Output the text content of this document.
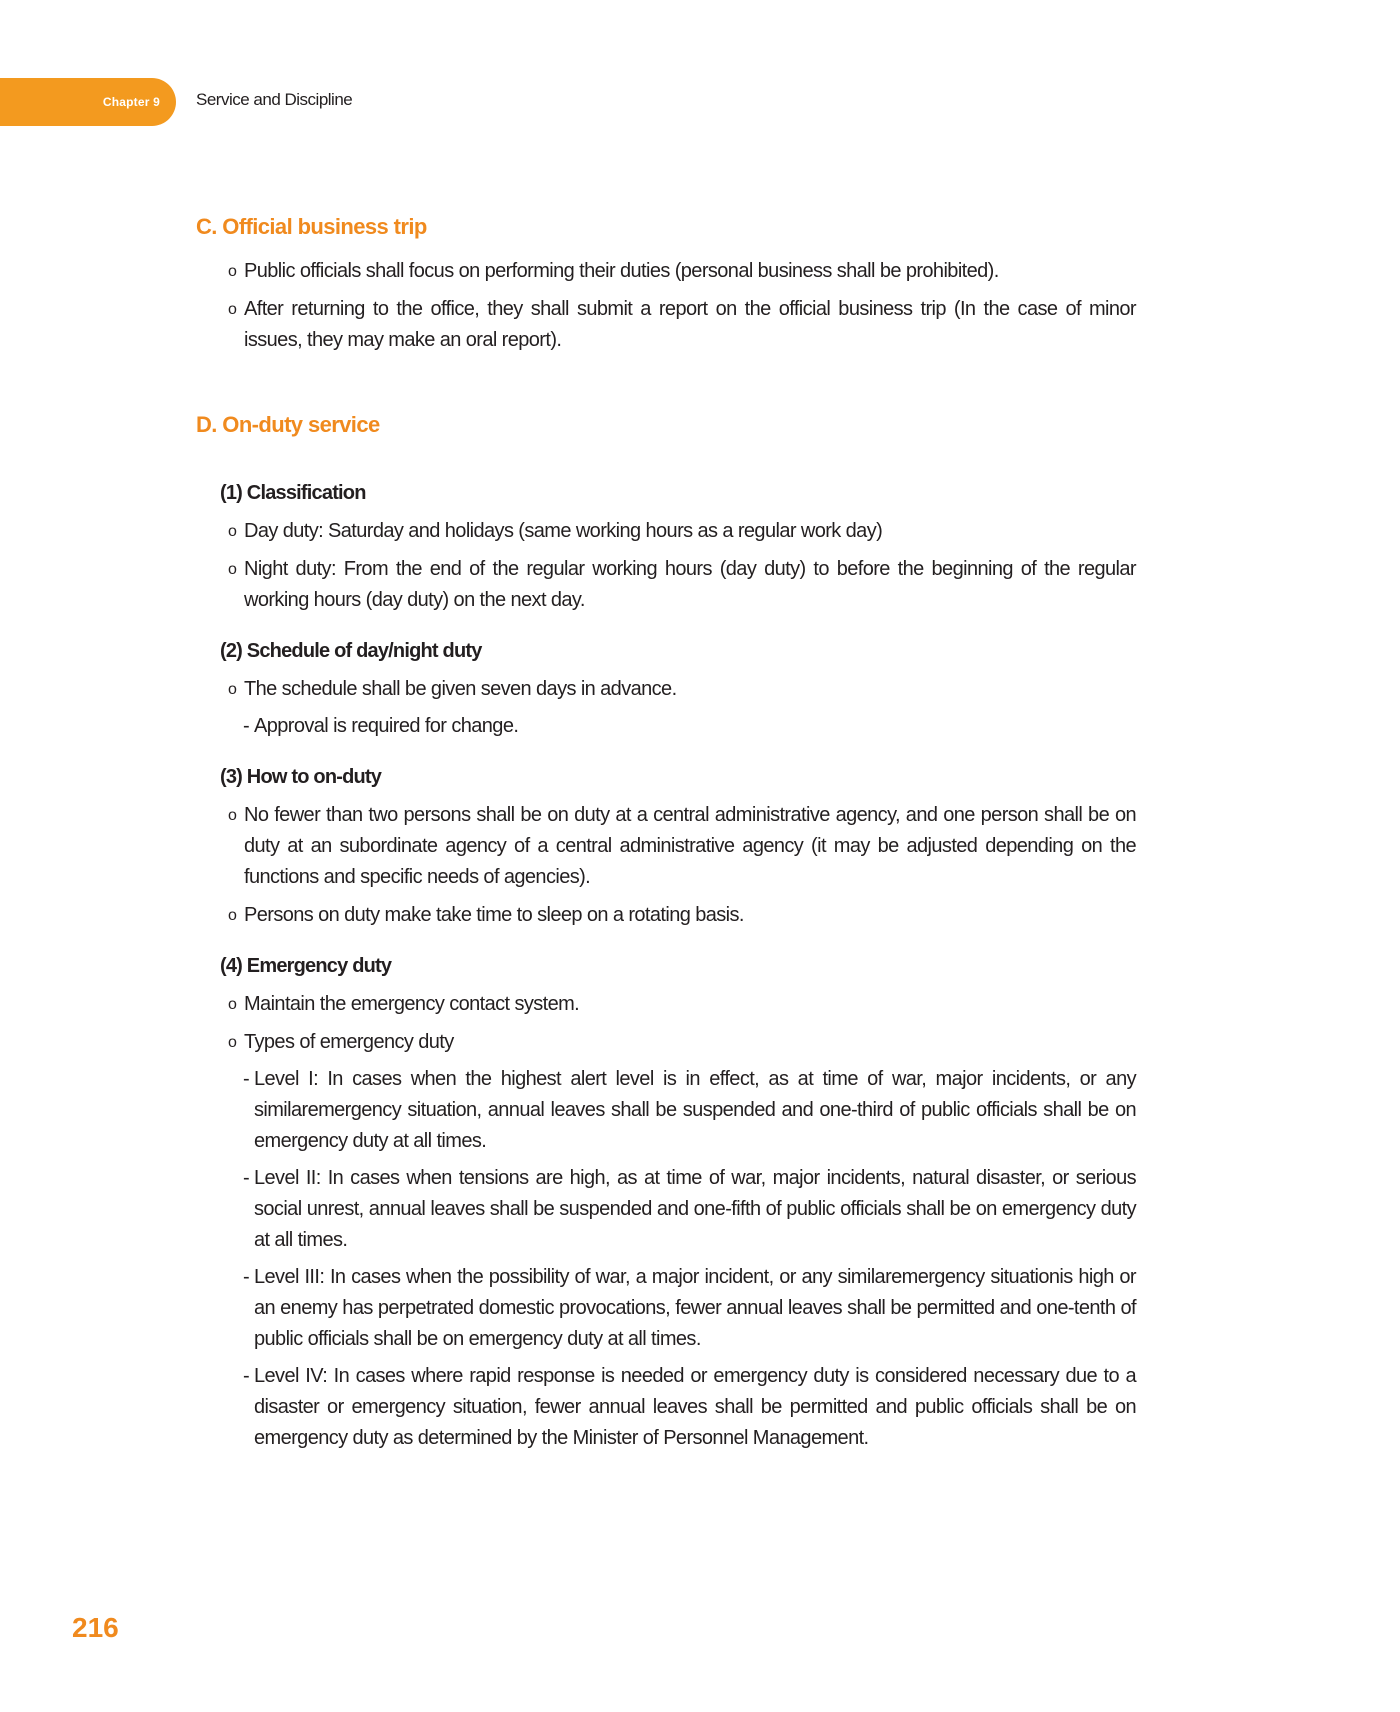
Chapter 9 Service and Discipline
C. Official business trip
o Public officials shall focus on performing their duties (personal business shall be prohibited).
o After returning to the office, they shall submit a report on the official business trip (In the case of minor issues, they may make an oral report).
D. On-duty service
(1) Classification
o Day duty: Saturday and holidays (same working hours as a regular work day)
o Night duty: From the end of the regular working hours (day duty) to before the beginning of the regular working hours (day duty) on the next day.
(2) Schedule of day/night duty
o The schedule shall be given seven days in advance.
- Approval is required for change.
(3) How to on-duty
o No fewer than two persons shall be on duty at a central administrative agency, and one person shall be on duty at an subordinate agency of a central administrative agency (it may be adjusted depending on the functions and specific needs of agencies).
o Persons on duty make take time to sleep on a rotating basis.
(4) Emergency duty
o Maintain the emergency contact system.
o Types of emergency duty
- Level I: In cases when the highest alert level is in effect, as at time of war, major incidents, or any similaremergency situation, annual leaves shall be suspended and one-third of public officials shall be on emergency duty at all times.
- Level II: In cases when tensions are high, as at time of war, major incidents, natural disaster, or serious social unrest, annual leaves shall be suspended and one-fifth of public officials shall be on emergency duty at all times.
- Level III: In cases when the possibility of war, a major incident, or any similaremergency situationis high or an enemy has perpetrated domestic provocations, fewer annual leaves shall be permitted and one-tenth of public officials shall be on emergency duty at all times.
- Level IV: In cases where rapid response is needed or emergency duty is considered necessary due to a disaster or emergency situation, fewer annual leaves shall be permitted and public officials shall be on emergency duty as determined by the Minister of Personnel Management.
216
